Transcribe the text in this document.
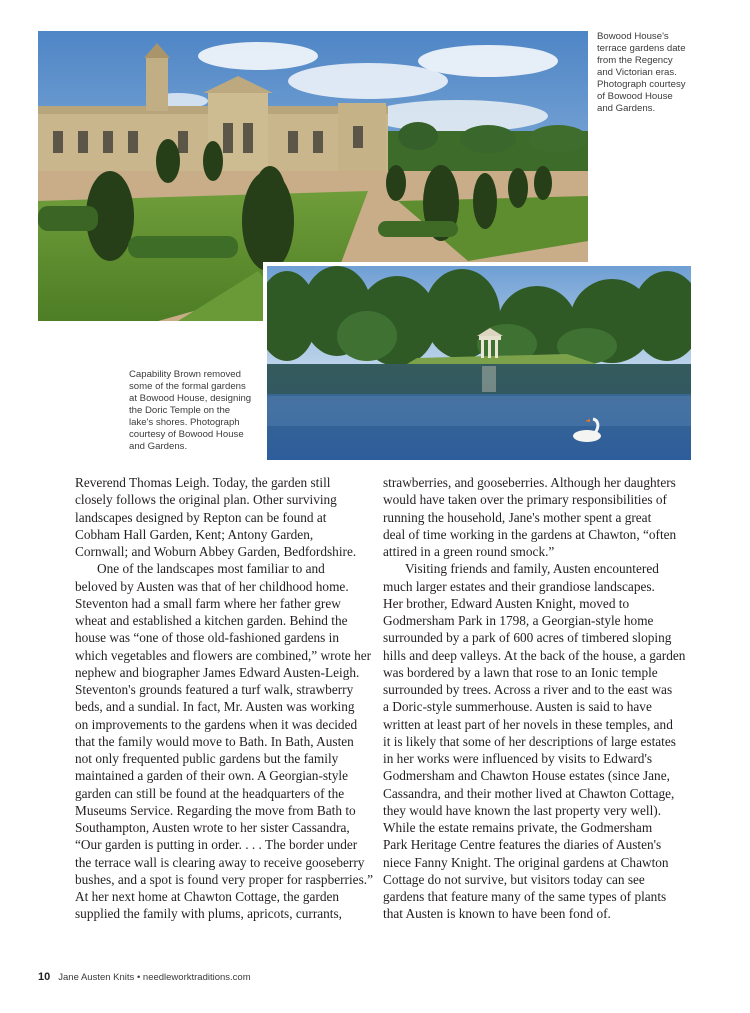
Bowood House's
terrace gardens date
from the Regency
and Victorian eras.
Photograph courtesy
of Bowood House
and Gardens.

Capability Brown removed
some of the formal gardens
at Bowood House, designing
the Doric Temple on the
lake's shores. Photograph
courtesy of Bowood House
and Gardens.

Reverend Thomas Leigh. Today, the garden still
closely follows the original plan. Other surviving
landscapes designed by Repton can be found at
Cobham Hall Garden, Kent; Antony Garden,
Cornwall; and Woburn Abbey Garden, Bedfordshire.

One of the landscapes most familiar to and
beloved by Austen was that of her childhood home.
Steventon had a small farm where her father grew
wheat and established a kitchen garden. Behind the
house was “one of those old-fashioned gardens in
which vegetables and flowers are combined,” wrote her
nephew and biographer James Edward Austen-Leigh.
Steventon's grounds featured a turf walk, strawberry
beds, and a sundial. In fact, Mr. Austen was working
on improvements to the gardens when it was decided
that the family would move to Bath. In Bath, Austen
not only frequented public gardens but the family
maintained a garden of their own. A Georgian-style
garden can still be found at the headquarters of the
Museums Service. Regarding the move from Bath to
Southampton, Austen wrote to her sister Cassandra,
“Our garden is putting in order. . . . The border under
the terrace wall is clearing away to receive gooseberry
bushes, and a spot is found very proper for raspberries.”
At her next home at Chawton Cottage, the garden
supplied the family with plums, apricots, currants,

strawberries, and gooseberries. Although her daughters
would have taken over the primary responsibilities of
running the household, Jane's mother spent a great
deal of time working in the gardens at Chawton, “often
attired in a green round smock.”

Visiting friends and family, Austen encountered
much larger estates and their grandiose landscapes.
Her brother, Edward Austen Knight, moved to
Godmersham Park in 1798, a Georgian-style home
surrounded by a park of 600 acres of timbered sloping
hills and deep valleys. At the back of the house, a garden
was bordered by a lawn that rose to an Ionic temple
surrounded by trees. Across a river and to the east was
a Doric-style summerhouse. Austen is said to have
written at least part of her novels in these temples, and
it is likely that some of her descriptions of large estates
in her works were influenced by visits to Edward's
Godmersham and Chawton House estates (since Jane,
Cassandra, and their mother lived at Chawton Cottage,
they would have known the last property very well).
While the estate remains private, the Godmersham
Park Heritage Centre features the diaries of Austen's
niece Fanny Knight. The original gardens at Chawton
Cottage do not survive, but visitors today can see
gardens that feature many of the same types of plants
that Austen is known to have been fond of.

10 Jane Austen Knits • needleworktraditions.com
